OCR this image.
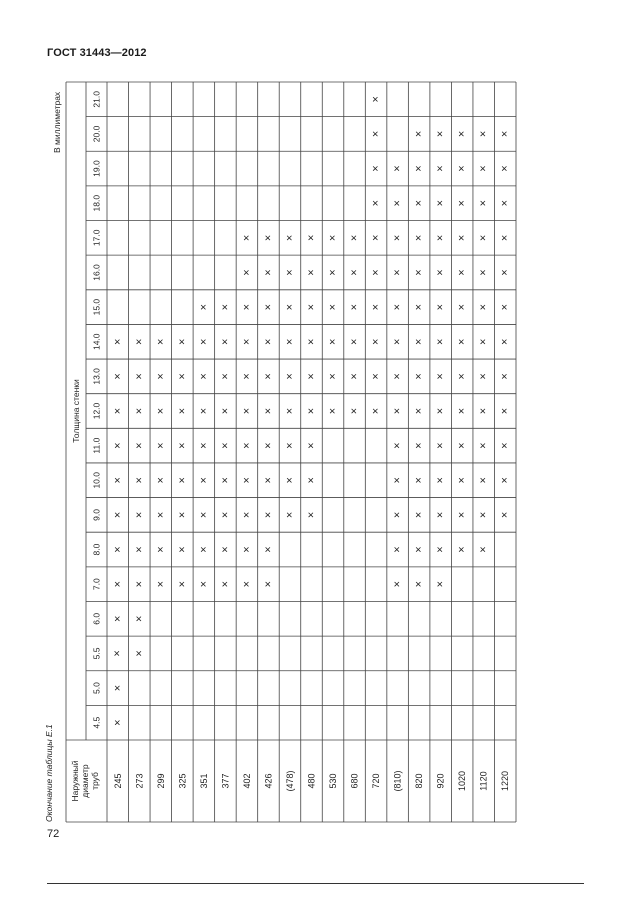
ГОСТ 31443—2012
В миллиметрах
Окончание таблицы Е.1
Толщина стенки
Наружный диаметр труб
4.5
5.0
5.5
6.0
7.0
8.0
9.0
10.0
11.0
12.0
13.0
14.0
15.0
16.0
17.0
18.0
19.0
20.0
21.0
245
×
×
×
×
×
×
×
×
×
×
×
×
273
×
×
×
×
×
×
×
×
×
×
299
×
×
×
×
×
×
×
×
325
×
×
×
×
×
×
×
×
351
×
×
×
×
×
×
×
×
×
377
×
×
×
×
×
×
×
×
×
402
×
×
×
×
×
×
×
×
×
×
×
426
×
×
×
×
×
×
×
×
×
×
×
(478)
×
×
×
×
×
×
×
×
×
480
×
×
×
×
×
×
×
×
×
530
×
×
×
×
×
×
680
×
×
×
×
×
×
720
×
×
×
×
×
×
×
×
×
×
(810)
×
×
×
×
×
×
×
×
×
×
×
×
×
820
×
×
×
×
×
×
×
×
×
×
×
×
×
×
920
×
×
×
×
×
×
×
×
×
×
×
×
×
×
1020
×
×
×
×
×
×
×
×
×
×
×
×
×
1120
×
×
×
×
×
×
×
×
×
×
×
×
×
1220
×
×
×
×
×
×
×
×
×
×
×
×
72
